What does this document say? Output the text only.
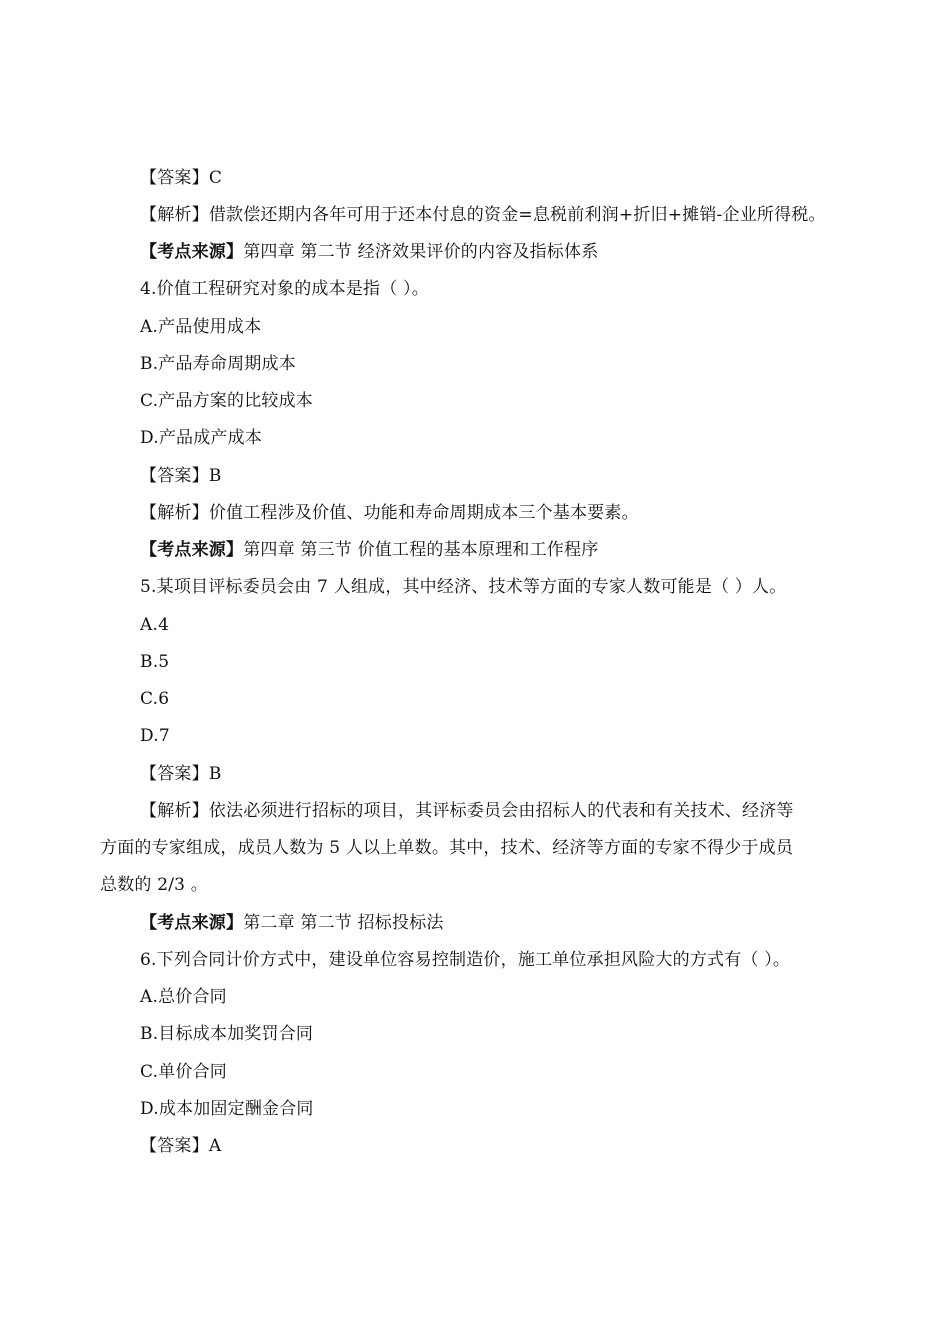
【答案】C
【解析】借款偿还期内各年可用于还本付息的资金=息税前利润+折旧+摊销-企业所得税。
【考点来源】第四章 第二节 经济效果评价的内容及指标体系
4.价值工程研究对象的成本是指（ ）。
A.产品使用成本
B.产品寿命周期成本
C.产品方案的比较成本
D.产品成产成本
【答案】B
【解析】价值工程涉及价值、功能和寿命周期成本三个基本要素。
【考点来源】第四章 第三节 价值工程的基本原理和工作程序
5.某项目评标委员会由 7 人组成，其中经济、技术等方面的专家人数可能是（ ）人。
A.4
B.5
C.6
D.7
【答案】B
【解析】依法必须进行招标的项目，其评标委员会由招标人的代表和有关技术、经济等
方面的专家组成，成员人数为 5 人以上单数。其中，技术、经济等方面的专家不得少于成员
总数的 2/3 。
【考点来源】第二章 第二节 招标投标法
6.下列合同计价方式中，建设单位容易控制造价，施工单位承担风险大的方式有（ ）。
A.总价合同
B.目标成本加奖罚合同
C.单价合同
D.成本加固定酬金合同
【答案】A
